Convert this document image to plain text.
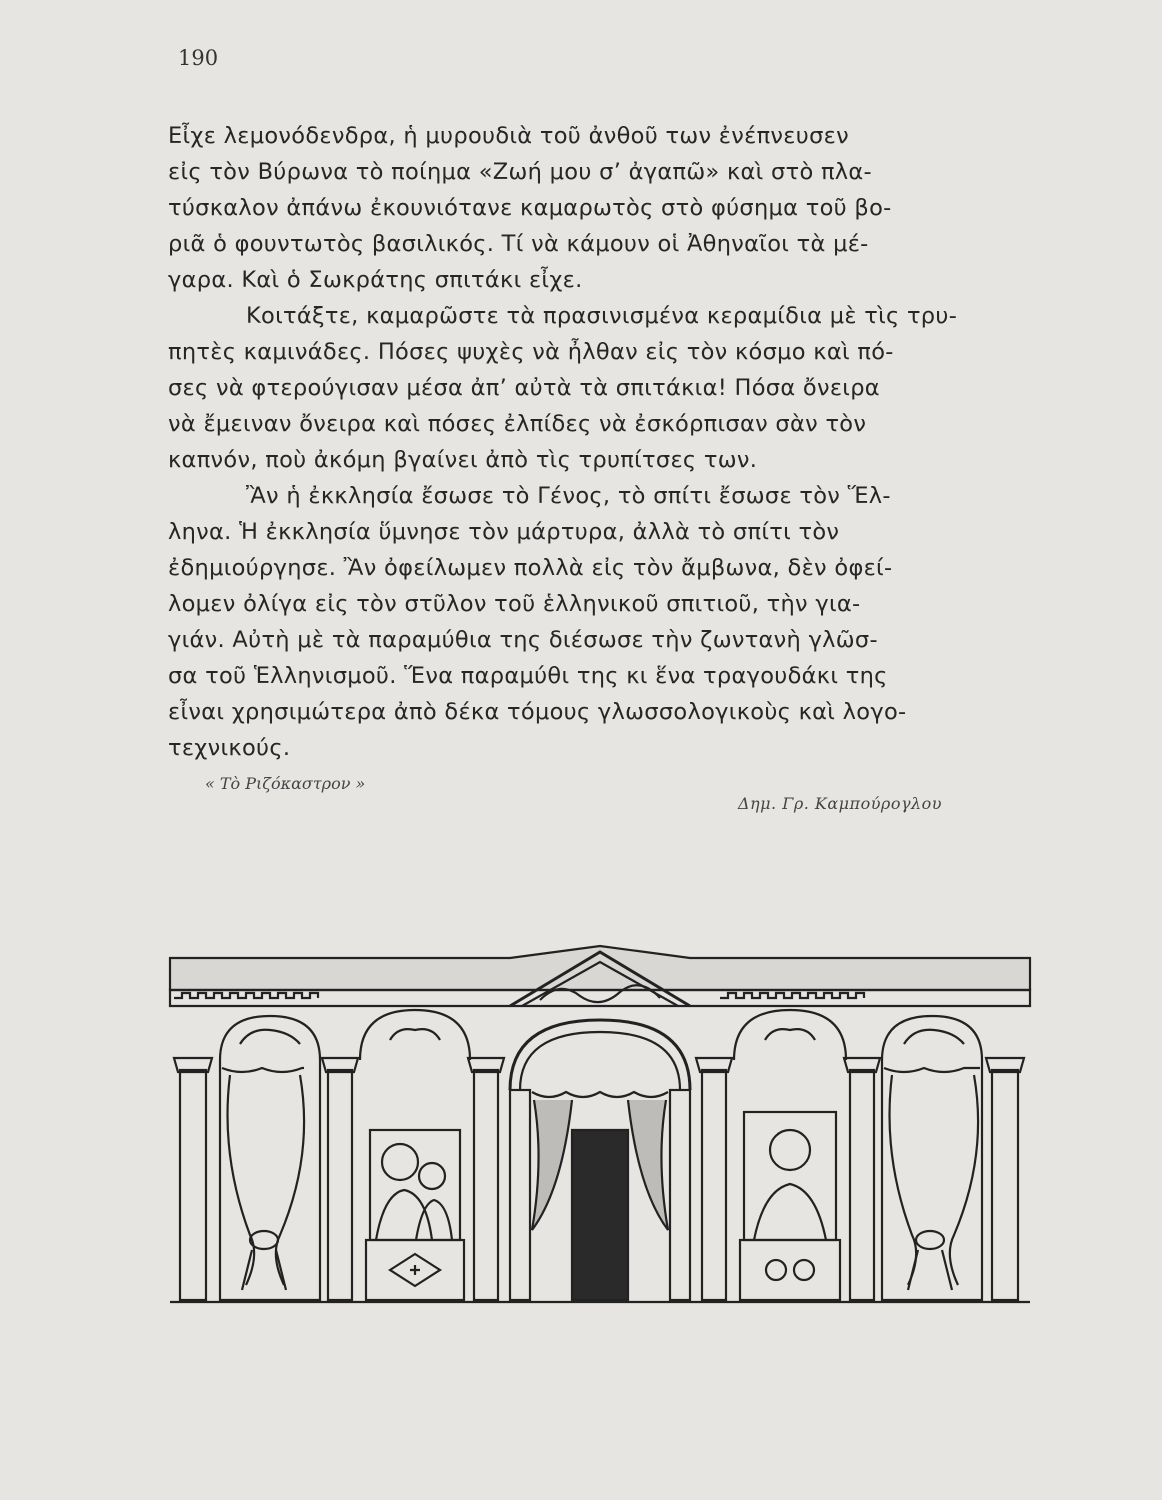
190
Εἶχε λεμονόδενδρα, ἡ μυρουδιὰ τοῦ ἀνθοῦ των ἐνέπνευσεν
εἰς τὸν Βύρωνα τὸ ποίημα «Ζωή μου σ’ ἀγαπῶ» καὶ στὸ πλα-
τύσκαλον ἀπάνω ἐκουνιότανε καμαρωτὸς στὸ φύσημα τοῦ βο-
ριᾶ ὁ φουντωτὸς βασιλικός. Τί νὰ κάμουν οἱ Ἀθηναῖοι τὰ μέ-
γαρα. Καὶ ὁ Σωκράτης σπιτάκι εἶχε.
Κοιτάξτε, καμαρῶστε τὰ πρασινισμένα κεραμίδια μὲ τὶς τρυ-
πητὲς καμινάδες. Πόσες ψυχὲς νὰ ἦλθαν εἰς τὸν κόσμο καὶ πό-
σες νὰ φτερούγισαν μέσα ἀπ’ αὐτὰ τὰ σπιτάκια! Πόσα ὄνειρα
νὰ ἔμειναν ὄνειρα καὶ πόσες ἐλπίδες νὰ ἐσκόρπισαν σὰν τὸν
καπνόν, ποὺ ἀκόμη βγαίνει ἀπὸ τὶς τρυπίτσες των.
Ἂν ἡ ἐκκλησία ἔσωσε τὸ Γένος, τὸ σπίτι ἔσωσε τὸν Ἕλ-
ληνα. Ἡ ἐκκλησία ὕμνησε τὸν μάρτυρα, ἀλλὰ τὸ σπίτι τὸν
ἐδημιούργησε. Ἂν ὀφείλωμεν πολλὰ εἰς τὸν ἄμβωνα, δὲν ὀφεί-
λομεν ὀλίγα εἰς τὸν στῦλον τοῦ ἑλληνικοῦ σπιτιοῦ, τὴν για-
γιάν. Αὐτὴ μὲ τὰ παραμύθια της διέσωσε τὴν ζωντανὴ γλῶσ-
σα τοῦ Ἑλληνισμοῦ. Ἕνα παραμύθι της κι ἕνα τραγουδάκι της
εἶναι χρησιμώτερα ἀπὸ δέκα τόμους γλωσσολογικοὺς καὶ λογο-
τεχνικούς.
« Τὸ Ριζόκαστρον »
Δημ. Γρ. Καμπούρογλου
